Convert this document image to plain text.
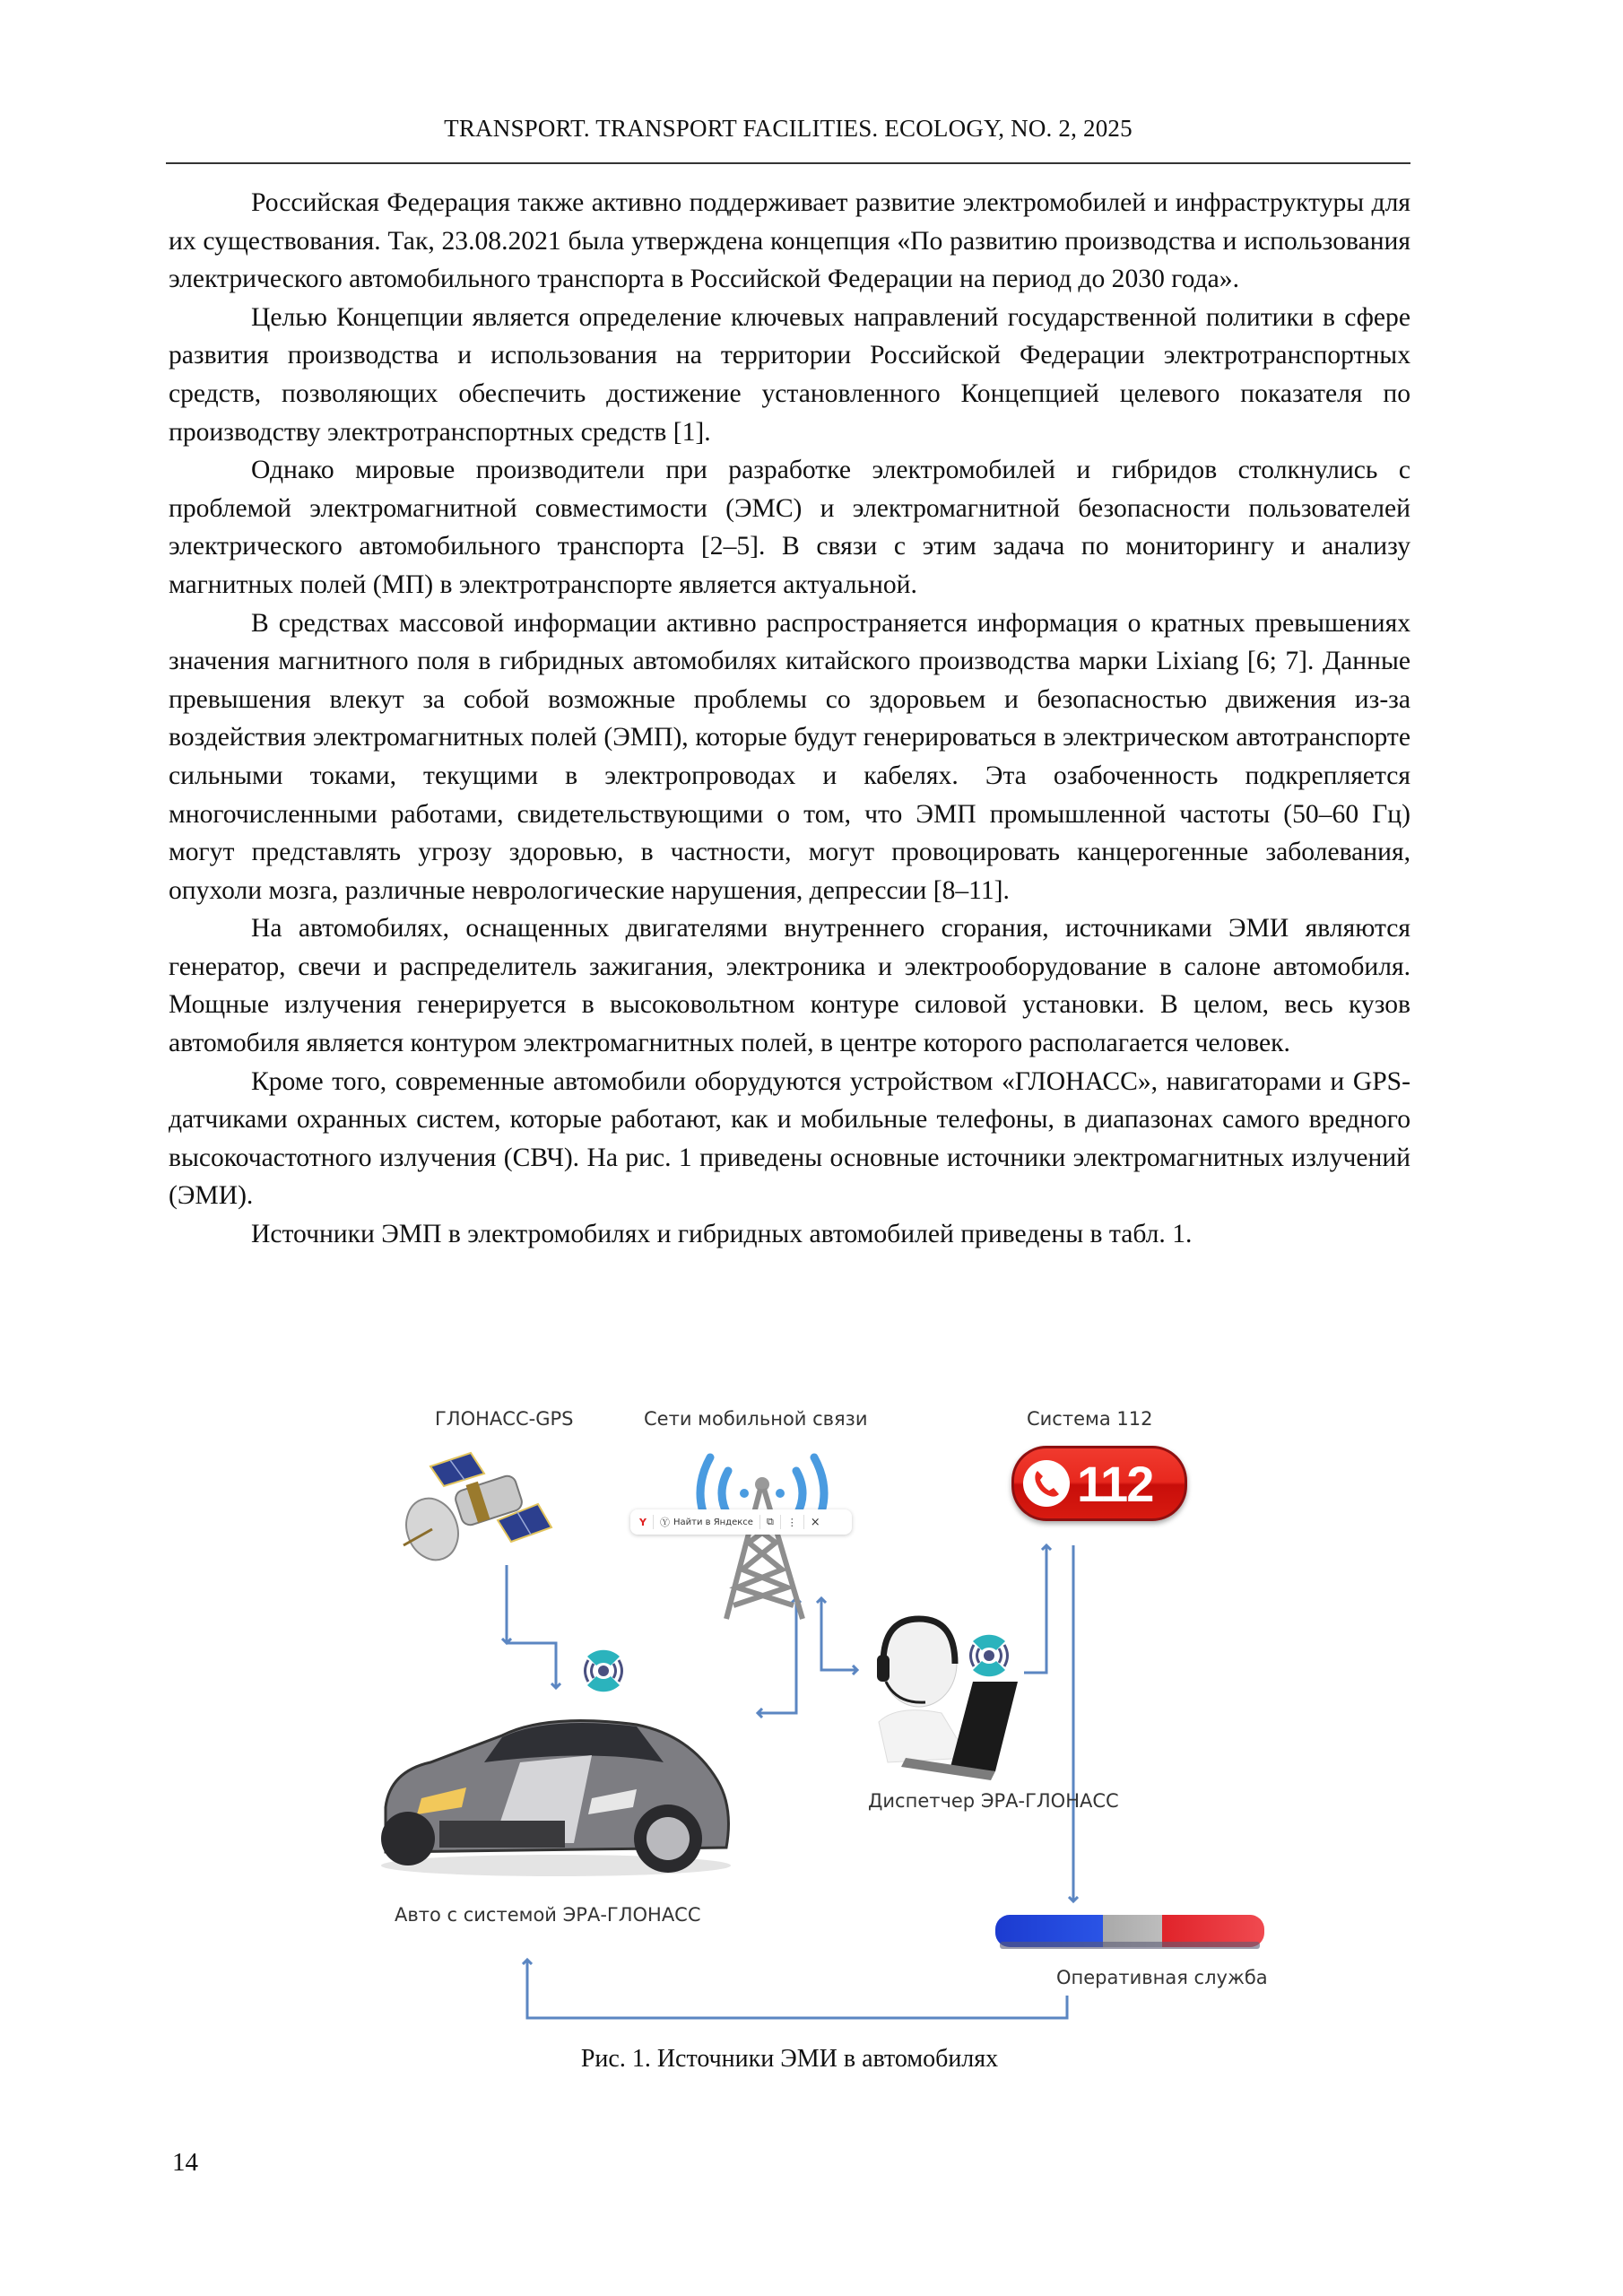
TRANSPORT. TRANSPORT FACILITIES. ECOLOGY, NO. 2, 2025

Российская Федерация также активно поддерживает развитие электромобилей и инфраструктуры для их существования. Так, 23.08.2021 была утверждена концепция «По развитию производства и использования электрического автомобильного транспорта в Российской Федерации на период до 2030 года».

Целью Концепции является определение ключевых направлений государственной политики в сфере развития производства и использования на территории Российской Федерации электротранспортных средств, позволяющих обеспечить достижение установленного Концепцией целевого показателя по производству электротранспортных средств [1].

Однако мировые производители при разработке электромобилей и гибридов столкнулись с проблемой электромагнитной совместимости (ЭМС) и электромагнитной безопасности пользователей электрического автомобильного транспорта [2–5]. В связи с этим задача по мониторингу и анализу магнитных полей (МП) в электротранспорте является актуальной.

В средствах массовой информации активно распространяется информация о кратных превышениях значения магнитного поля в гибридных автомобилях китайского производства марки Lixiang [6; 7]. Данные превышения влекут за собой возможные проблемы со здоровьем и безопасностью движения из-за воздействия электромагнитных полей (ЭМП), которые будут генерироваться в электрическом автотранспорте сильными токами, текущими в электропроводах и кабелях. Эта озабоченность подкрепляется многочисленными работами, свидетельствующими о том, что ЭМП промышленной частоты (50–60 Гц) могут представлять угрозу здоровью, в частности, могут провоцировать канцерогенные заболевания, опухоли мозга, различные неврологические нарушения, депрессии [8–11].

На автомобилях, оснащенных двигателями внутреннего сгорания, источниками ЭМИ являются генератор, свечи и распределитель зажигания, электроника и электрооборудование в салоне автомобиля. Мощные излучения генерируется в высоковольтном контуре силовой установки. В целом, весь кузов автомобиля является контуром электромагнитных полей, в центре которого располагается человек.

Кроме того, современные автомобили оборудуются устройством «ГЛОНАСС», навигаторами и GPS-датчиками охранных систем, которые работают, как и мобильные телефоны, в диапазонах самого вредного высокочастотного излучения (СВЧ). На рис. 1 приведены основные источники электромагнитных излучений (ЭМИ).

Источники ЭМП в электромобилях и гибридных автомобилей приведены в табл. 1.

ГЛОНАСС-GPS	Сети мобильной связи
Y Ⓨ Найти в Яндексе ⧉ ⋮ ×
Система 112
112
Авто с системой ЭРА-ГЛОНАСС
Диспетчер ЭРА-ГЛОНАСС
Оперативная служба
Рис. 1. Источники ЭМИ в автомобилях
14
